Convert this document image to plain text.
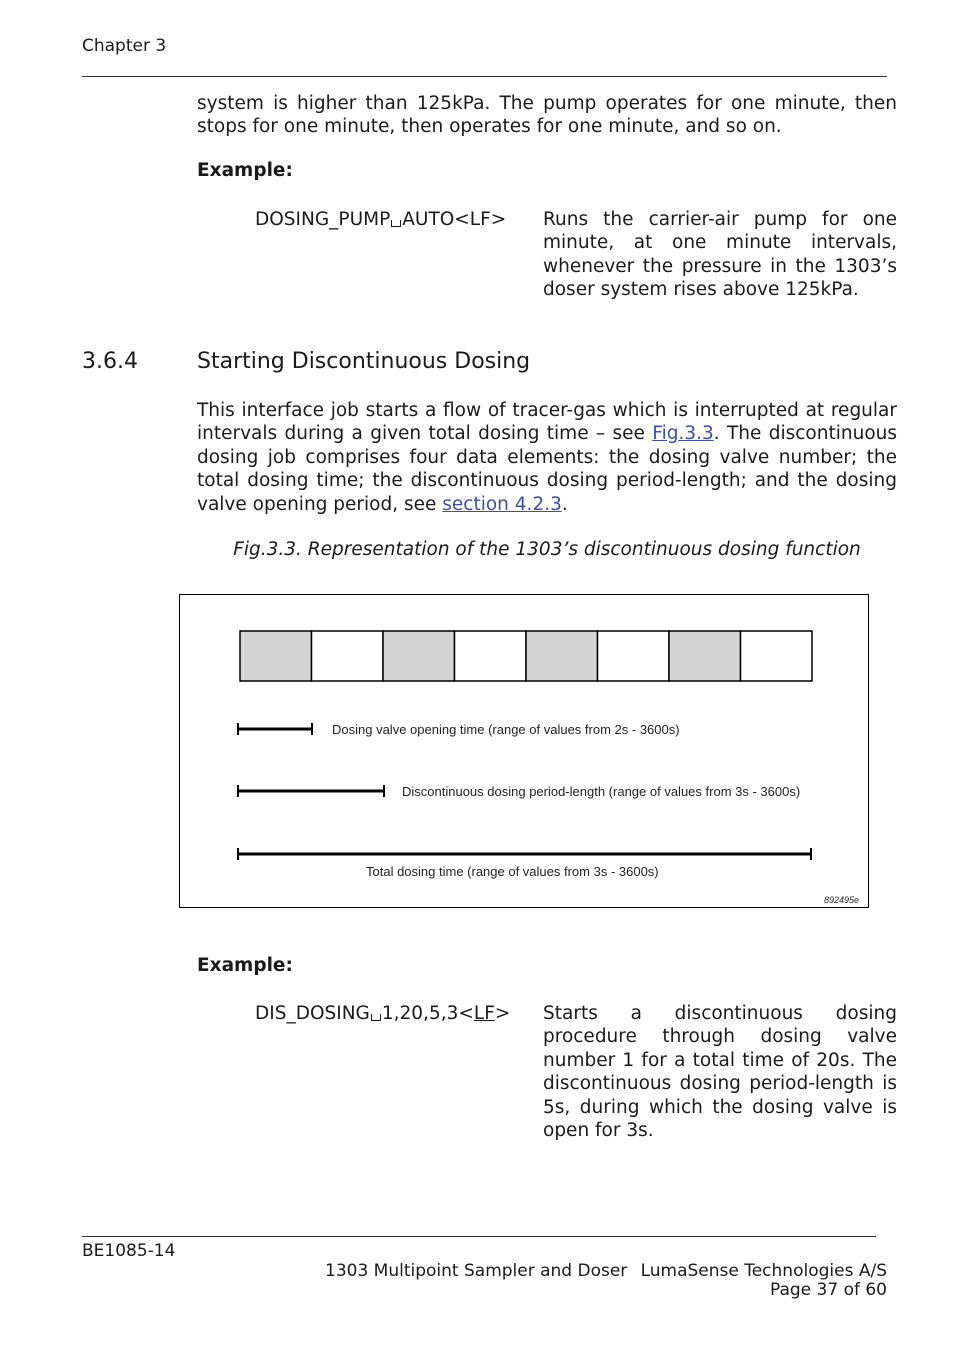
Chapter 3
system is higher than 125kPa. The pump operates for one minute, then stops for one minute, then operates for one minute, and so on.
Example:
DOSING_PUMP AUTO<LF> Runs the carrier-air pump for one minute, at one minute intervals, whenever the pressure in the 1303’s doser system rises above 125kPa.
3.6.4	Starting Discontinuous Dosing
This interface job starts a flow of tracer-gas which is interrupted at regular intervals during a given total dosing time – see Fig.3.3. The discontinuous dosing job comprises four data elements: the dosing valve number; the total dosing time; the discontinuous dosing period-length; and the dosing valve opening period, see section 4.2.3.
Fig.3.3. Representation of the 1303’s discontinuous dosing function
Dosing valve opening time (range of values from 2s - 3600s)
Discontinuous dosing period-length (range of values from 3s - 3600s)
Total dosing time (range of values from 3s - 3600s)
892495e
Example:
DIS_DOSING 1,20,5,3<LF> Starts a discontinuous dosing procedure through dosing valve number 1 for a total time of 20s. The discontinuous dosing period-length is 5s, during which the dosing valve is open for 3s.
BE1085-14
1303 Multipoint Sampler and Doser LumaSense Technologies A/S
Page 37 of 60
